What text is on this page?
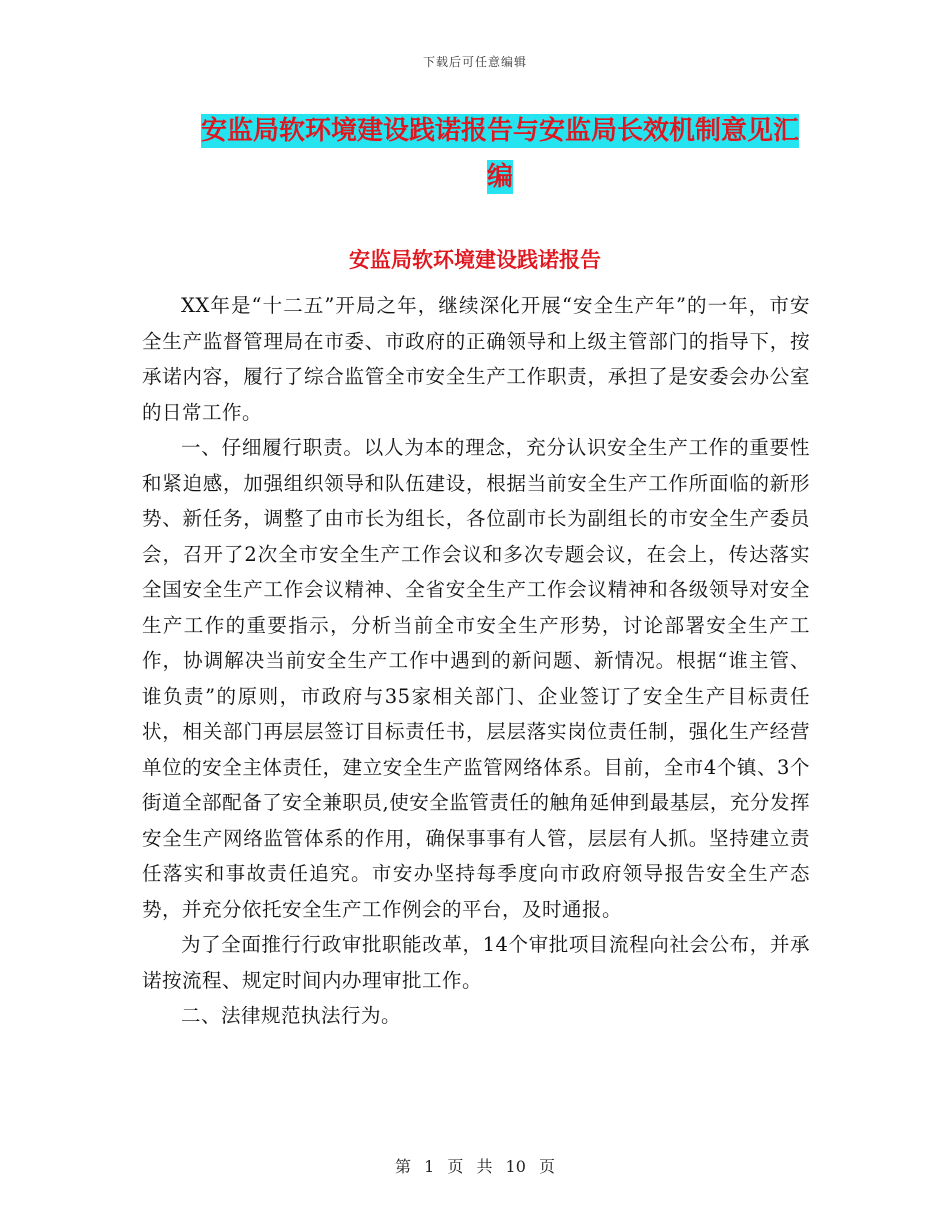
下载后可任意编辑
安监局软环境建设践诺报告与安监局长效机制意见汇编
安监局软环境建设践诺报告

XX年是“十二五”开局之年，继续深化开展“安全生产年”的一年，市安全生产监督管理局在市委、市政府的正确领导和上级主管部门的指导下，按承诺内容，履行了综合监管全市安全生产工作职责，承担了是安委会办公室的日常工作。

一、仔细履行职责。以人为本的理念，充分认识安全生产工作的重要性和紧迫感，加强组织领导和队伍建设，根据当前安全生产工作所面临的新形势、新任务，调整了由市长为组长，各位副市长为副组长的市安全生产委员会，召开了2次全市安全生产工作会议和多次专题会议，在会上，传达落实全国安全生产工作会议精神、全省安全生产工作会议精神和各级领导对安全生产工作的重要指示，分析当前全市安全生产形势，讨论部署安全生产工作，协调解决当前安全生产工作中遇到的新问题、新情况。根据“谁主管、谁负责”的原则，市政府与35家相关部门、企业签订了安全生产目标责任状，相关部门再层层签订目标责任书，层层落实岗位责任制，强化生产经营单位的安全主体责任，建立安全生产监管网络体系。目前，全市4个镇、3个街道全部配备了安全兼职员,使安全监管责任的触角延伸到最基层，充分发挥安全生产网络监管体系的作用，确保事事有人管，层层有人抓。坚持建立责任落实和事故责任追究。市安办坚持每季度向市政府领导报告安全生产态势，并充分依托安全生产工作例会的平台，及时通报。

为了全面推行行政审批职能改革，14个审批项目流程向社会公布，并承诺按流程、规定时间内办理审批工作。

二、法律规范执法行为。

第 1 页 共 10 页
